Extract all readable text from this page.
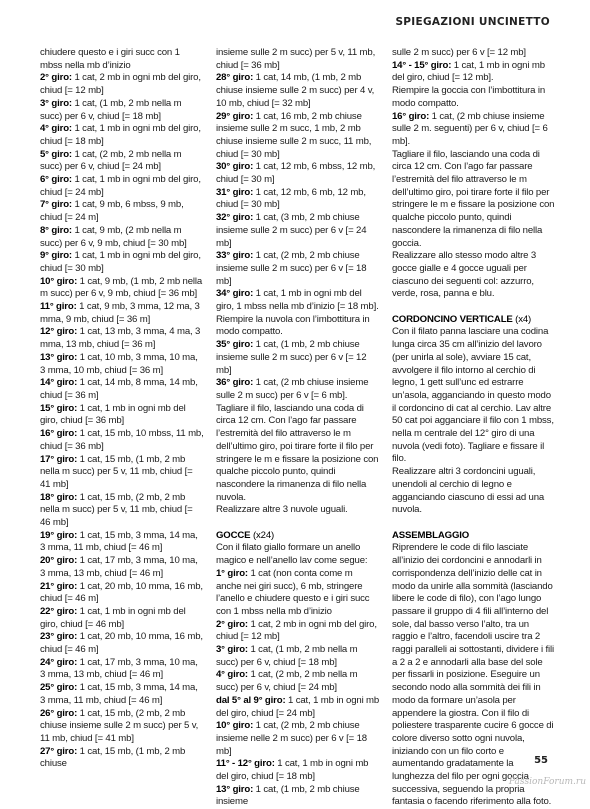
SPIEGAZIONI UNCINETTO

chiudere questo e i giri succ con 1 mbss nella mb d’inizio

2° giro: 1 cat, 2 mb in ogni mb del giro, chiud [= 12 mb]

3° giro: 1 cat, (1 mb, 2 mb nella m succ) per 6 v, chiud [= 18 mb]

4° giro: 1 cat, 1 mb in ogni mb del giro, chiud [= 18 mb]

5° giro: 1 cat, (2 mb, 2 mb nella m succ) per 6 v, chiud [= 24 mb]

6° giro: 1 cat, 1 mb in ogni mb del giro, chiud [= 24 mb]

7° giro: 1 cat, 9 mb, 6 mbss, 9 mb, chiud [= 24 m]

8° giro: 1 cat, 9 mb, (2 mb nella m succ) per 6 v, 9 mb, chiud [= 30 mb]

9° giro: 1 cat, 1 mb in ogni mb del giro, chiud [= 30 mb]

10° giro: 1 cat, 9 mb, (1 mb, 2 mb nella m succ) per 6 v, 9 mb, chiud [= 36 mb]

11° giro: 1 cat, 9 mb, 3 mma, 12 ma, 3 mma, 9 mb, chiud [= 36 m]

12° giro: 1 cat, 13 mb, 3 mma, 4 ma, 3 mma, 13 mb, chiud [= 36 m]

13° giro: 1 cat, 10 mb, 3 mma, 10 ma, 3 mma, 10 mb, chiud [= 36 m]

14° giro: 1 cat, 14 mb, 8 mma, 14 mb, chiud [= 36 m]

15° giro: 1 cat, 1 mb in ogni mb del giro, chiud [= 36 mb]

16° giro: 1 cat, 15 mb, 10 mbss, 11 mb, chiud [= 36 mb]

17° giro: 1 cat, 15 mb, (1 mb, 2 mb nella m succ) per 5 v, 11 mb, chiud [= 41 mb]

18° giro: 1 cat, 15 mb, (2 mb, 2 mb nella m succ) per 5 v, 11 mb, chiud [= 46 mb]

19° giro: 1 cat, 15 mb, 3 mma, 14 ma, 3 mma, 11 mb, chiud [= 46 m]

20° giro: 1 cat, 17 mb, 3 mma, 10 ma, 3 mma, 13 mb, chiud [= 46 m]

21° giro: 1 cat, 20 mb, 10 mma, 16 mb, chiud [= 46 m]

22° giro: 1 cat, 1 mb in ogni mb del giro, chiud [= 46 mb]

23° giro: 1 cat, 20 mb, 10 mma, 16 mb, chiud [= 46 m]

24° giro: 1 cat, 17 mb, 3 mma, 10 ma, 3 mma, 13 mb, chiud [= 46 m]

25° giro: 1 cat, 15 mb, 3 mma, 14 ma, 3 mma, 11 mb, chiud [= 46 m]

26° giro: 1 cat, 15 mb, (2 mb, 2 mb chiuse insieme sulle 2 m succ) per 5 v, 11 mb, chiud [= 41 mb]

27° giro: 1 cat, 15 mb, (1 mb, 2 mb chiuse

insieme sulle 2 m succ) per 5 v, 11 mb, chiud [= 36 mb]

28° giro: 1 cat, 14 mb, (1 mb, 2 mb chiuse insieme sulle 2 m succ) per 4 v, 10 mb, chiud [= 32 mb]

29° giro: 1 cat, 16 mb, 2 mb chiuse insieme sulle 2 m succ, 1 mb, 2 mb chiuse insieme sulle 2 m succ, 11 mb, chiud [= 30 mb]

30° giro: 1 cat, 12 mb, 6 mbss, 12 mb, chiud [= 30 m]

31° giro: 1 cat, 12 mb, 6 mb, 12 mb, chiud [= 30 mb]

32° giro: 1 cat, (3 mb, 2 mb chiuse insieme sulle 2 m succ) per 6 v [= 24 mb]

33° giro: 1 cat, (2 mb, 2 mb chiuse insieme sulle 2 m succ) per 6 v [= 18 mb]

34° giro: 1 cat, 1 mb in ogni mb del giro, 1 mbss nella mb d’inizio [= 18 mb].

Riempire la nuvola con l’imbottitura in modo compatto.

35° giro: 1 cat, (1 mb, 2 mb chiuse insieme sulle 2 m succ) per 6 v [= 12 mb]

36° giro: 1 cat, (2 mb chiuse insieme sulle 2 m succ) per 6 v [= 6 mb].

Tagliare il filo, lasciando una coda di circa 12 cm. Con l’ago far passare l’estremità del filo attraverso le m dell’ultimo giro, poi tirare forte il filo per stringere le m e fissare la posizione con qualche piccolo punto, quindi nascondere la rimanenza di filo nella nuvola.

Realizzare altre 3 nuvole uguali.

GOCCE (x24)

Con il filato giallo formare un anello magico e nell’anello lav come segue:

1° giro: 1 cat (non conta come m anche nei giri succ), 6 mb, stringere l’anello e chiudere questo e i giri succ con 1 mbss nella mb d’inizio

2° giro: 1 cat, 2 mb in ogni mb del giro, chiud [= 12 mb]

3° giro: 1 cat, (1 mb, 2 mb nella m succ) per 6 v, chiud [= 18 mb]

4° giro: 1 cat, (2 mb, 2 mb nella m succ) per 6 v, chiud [= 24 mb]

dal 5° al 9° giro: 1 cat, 1 mb in ogni mb del giro, chiud [= 24 mb]

10° giro: 1 cat, (2 mb, 2 mb chiuse insieme nelle 2 m succ) per 6 v [= 18 mb]

11° - 12° giro: 1 cat, 1 mb in ogni mb del giro, chiud [= 18 mb]

13° giro: 1 cat, (1 mb, 2 mb chiuse insieme

sulle 2 m succ) per 6 v [= 12 mb]

14° - 15° giro: 1 cat, 1 mb in ogni mb del giro, chiud [= 12 mb].

Riempire la goccia con l’imbottitura in modo compatto.

16° giro: 1 cat, (2 mb chiuse insieme sulle 2 m. seguenti) per 6 v, chiud [= 6 mb].

Tagliare il filo, lasciando una coda di circa 12 cm. Con l’ago far passare l’estremità del filo attraverso le m dell’ultimo giro, poi tirare forte il filo per stringere le m e fissare la posizione con qualche piccolo punto, quindi nascondere la rimanenza di filo nella goccia.

Realizzare allo stesso modo altre 3 gocce gialle e 4 gocce uguali per ciascuno dei seguenti col: azzurro, verde, rosa, panna e blu.

CORDONCINO VERTICALE (x4)

Con il filato panna lasciare una codina lunga circa 35 cm all’inizio del lavoro (per unirla al sole), avviare 15 cat, avvolgere il filo intorno al cerchio di legno, 1 gett sull’unc ed estrarre un’asola, agganciando in questo modo il cordoncino di cat al cerchio. Lav altre 50 cat poi agganciare il filo con 1 mbss, nella m centrale del 12° giro di una nuvola (vedi foto). Tagliare e fissare il filo.

Realizzare altri 3 cordoncini uguali, unendoli al cerchio di legno e agganciando ciascuno di essi ad una nuvola.

ASSEMBLAGGIO

Riprendere le code di filo lasciate all’inizio dei cordoncini e annodarli in corrispondenza dell’inizio delle cat in modo da unirle alla sommità (lasciando libere le code di filo), con l’ago lungo passare il gruppo di 4 fili all’interno del sole, dal basso verso l’alto, tra un raggio e l’altro, facendoli uscire tra 2 raggi paralleli ai sottostanti, dividere i fili a 2 a 2 e annodarli alla base del sole per fissarli in posizione. Eseguire un secondo nodo alla sommità dei fili in modo da formare un’asola per appendere la giostra. Con il filo di poliestere trasparente cucire 6 gocce di colore diverso sotto ogni nuvola, iniziando con un filo corto e aumentando gradatamente la lunghezza del filo per ogni goccia successiva, seguendo la propria fantasia o facendo riferimento alla foto.

55
PassionForum.ru
